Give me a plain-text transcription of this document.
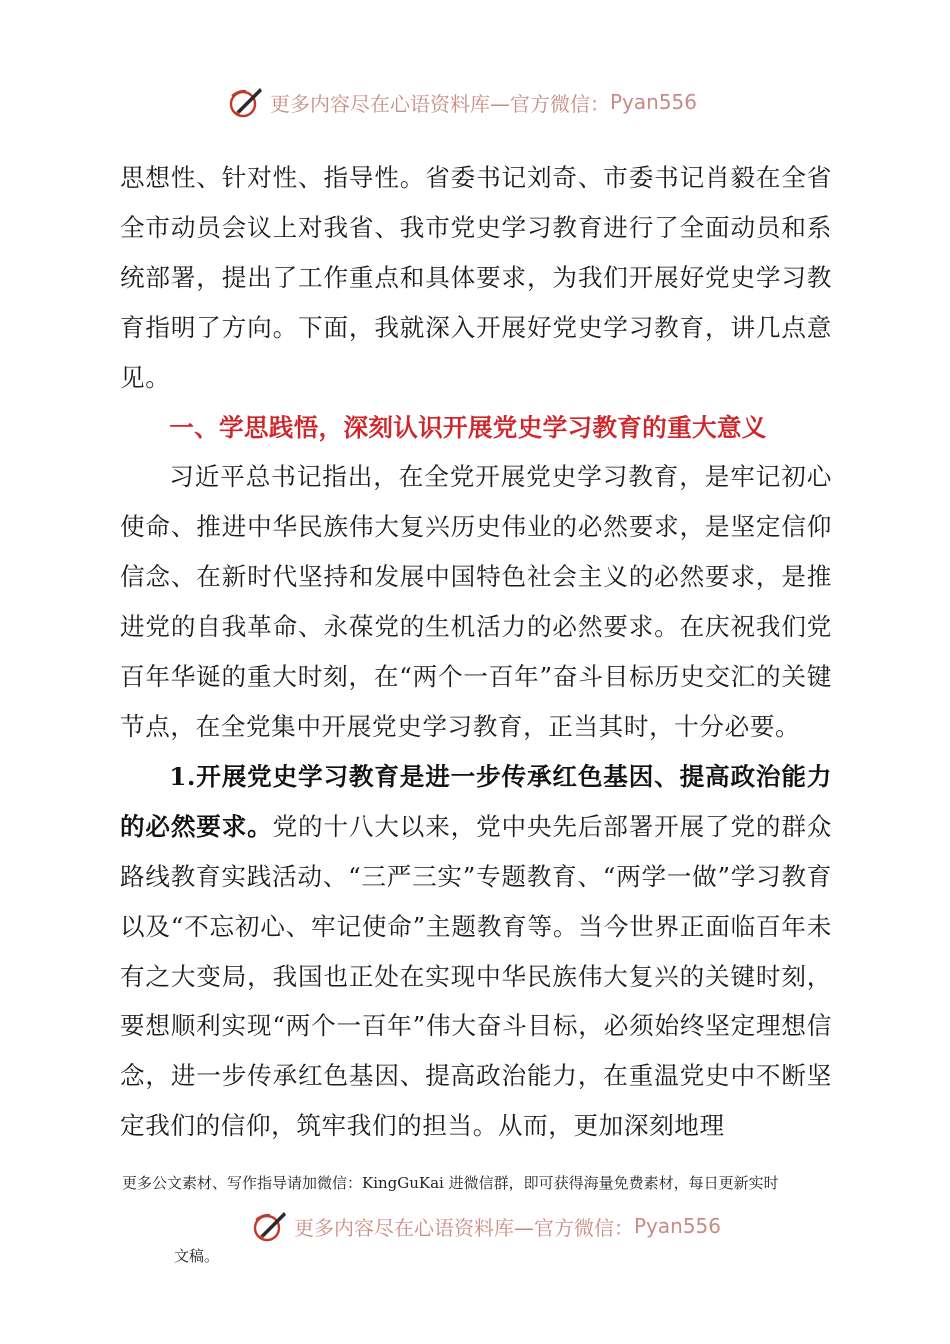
更多内容尽在心语资料库—官方微信： Pyan556

思想性、针对性、指导性。省委书记刘奇、市委书记肖毅在全省全市动员会议上对我省、我市党史学习教育进行了全面动员和系统部署，提出了工作重点和具体要求，为我们开展好党史学习教育指明了方向。下面，我就深入开展好党史学习教育，讲几点意见。

一、学思践悟，深刻认识开展党史学习教育的重大意义

习近平总书记指出，在全党开展党史学习教育，是牢记初心使命、推进中华民族伟大复兴历史伟业的必然要求，是坚定信仰信念、在新时代坚持和发展中国特色社会主义的必然要求，是推进党的自我革命、永葆党的生机活力的必然要求。在庆祝我们党百年华诞的重大时刻，在“两个一百年”奋斗目标历史交汇的关键节点，在全党集中开展党史学习教育，正当其时，十分必要。

1.开展党史学习教育是进一步传承红色基因、提高政治能力的必然要求。党的十八大以来，党中央先后部署开展了党的群众路线教育实践活动、“三严三实”专题教育、“两学一做”学习教育以及“不忘初心、牢记使命”主题教育等。当今世界正面临百年未有之大变局，我国也正处在实现中华民族伟大复兴的关键时刻，要想顺利实现“两个一百年”伟大奋斗目标，必须始终坚定理想信念，进一步传承红色基因、提高政治能力，在重温党史中不断坚定我们的信仰，筑牢我们的担当。从而，更加深刻地理

更多公文素材、写作指导请加微信：KingGuKai 进微信群，即可获得海量免费素材，每日更新实时
更多内容尽在心语资料库—官方微信： Pyan556
文稿。
